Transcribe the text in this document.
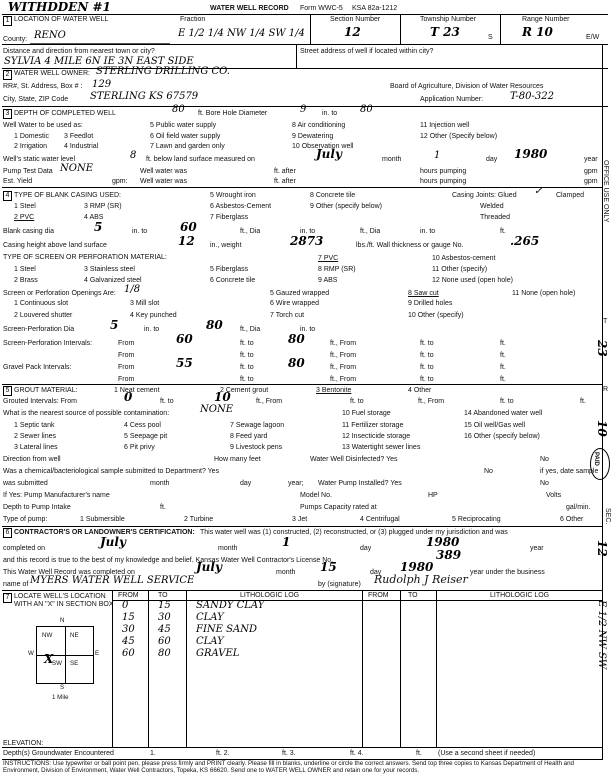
WITHDDEN #1	WATER WELL RECORD Form WWC-5 KSA 82a-1212
1 LOCATION OF WATER WELL	Fraction	Section Number	Township Number	Range Number
County: RENO	E 1/2 1/4 NW 1/4 SW 1/4	12	T 23	S R 10	E/W
Distance and direction from nearest town or city?	Street address of well if located within city?
SYLVIA 4 MILE 6N IE 3N EAST SIDE
2 WATER WELL OWNER: STERLING DRILLING CO.
RR#, St. Address, Box # : 129	Board of Agriculture, Division of Water Resources
City, State, ZIP Code STERLING KS 67579	Application Number:	T-80-322
3 DEPTH OF COMPLETED WELL	80 ft. Bore Hole Diameter	9 in. to 80
Well Water to be used as:
1 Domestic
2 Irrigation
3 Feedlot
4 Industrial
5 Public water supply
6 Oil field water supply
7 Lawn and garden only
8 Air conditioning
9 Dewatering
10 Observation well
11 Injection well
12 Other (Specify below)
Well's static water level	8 ft. below land surface measured on	July	month	1	day 1980	year
Pump Test Data NONE	Well water was	ft. after	hours pumping	gpm
Est. Yield	gpm: Well water was	ft. after	hours pumping	gpm
4 TYPE OF BLANK CASING USED:
1 Steel
2 PVC
3 RMP (SR)
4 ABS
5 Wrought iron
6 Asbestos-Cement
7 Fiberglass
8 Concrete tile
9 Other (specify below)
Casing Joints: Glued ✓ Clamped
Welded
Threaded
Blank casing dia	5	in. to	60	ft., Dia	in. to	ft., Dia	in. to	ft.
Casing height above land surface	12 in., weight	2873	lbs./ft. Wall thickness or gauge No.	.265
TYPE OF SCREEN OR PERFORATION MATERIAL:
1 Steel
2 Brass
3 Stainless steel
4 Galvanized steel
5 Fiberglass
6 Concrete tile
7 PVC
8 RMP (SR)
9 ABS
10 Asbestos-cement
11 Other (specify)
12 None used (open hole)
Screen or Perforation Openings Are: 1/8
1 Continuous slot
2 Louvered shutter
3 Mill slot
4 Key punched
5 Gauzed wrapped
6 Wire wrapped
7 Torch cut
8 Saw cut
9 Drilled holes
10 Other (specify)
11 None (open hole)
Screen-Perforation Dia	5	in. to	80 ft., Dia	in. to
Screen-Perforation Intervals:	From	60	ft. to	80	ft., From	ft. to	ft.
From	ft. to	ft., From	ft. to	ft.
Gravel Pack Intervals:	From	55	ft. to	80	ft., From	ft. to	ft.
From	ft. to	ft., From	ft. to	ft.
5 GROUT MATERIAL:	1 Neat cement	2 Cement grout	3 Bentonite	4 Other
Grouted Intervals: From	0	ft. to	10	ft., From	ft. to	ft., From	ft. to	ft.
What is the nearest source of possible contamination:	NONE
1 Septic tank
2 Sewer lines
3 Lateral lines
4 Cess pool
5 Seepage pit
6 Pit privy
7 Sewage lagoon
8 Feed yard
9 Livestock pens
10 Fuel storage
11 Fertilizer storage
12 Insecticide storage
13 Watertight sewer lines
14 Abandoned water well
15 Oil well/Gas well
16 Other (specify below)
Direction from well	How many feet	Water Well Disinfected? Yes	No
Was a chemical/bacteriological sample submitted to Department? Yes	No	if yes, date sample
was submitted	month	day	year; Water Pump Installed? Yes	No
If Yes: Pump Manufacturer's name	Model No.	HP	Volts
Depth to Pump Intake	ft.	Pumps Capacity rated at	gal/min.
Type of pump:	1 Submersible	2 Turbine	3 Jet	4 Centrifugal	5 Reciprocating	6 Other
6 CONTRACTOR'S OR LANDOWNER'S CERTIFICATION: This water well was (1) constructed, (2) reconstructed, or (3) plugged under my jurisdiction and was
completed on	July	month	1	day	1980	year
and this record is true to the best of my knowledge and belief. Kansas Water Well Contractor's License No.	389
This Water Well Record was completed on	July	month 15	day 1980	year under the business
name of MYERS WATER WELL SERVICE	by (signature) Rudolph J Reiser
7 LOCATE WELL'S LOCATION WITH AN "X" IN SECTION BOX
FROM	TO	LITHOLOGIC LOG	FROM	TO	LITHOLOGIC LOG
0	15	SANDY CLAY
15 30	CLAY
30 45	FINE SAND
45 60	CLAY
60 80	GRAVEL
N
S
W	E
NW	NE
SW SE
X
1 Mile
ELEVATION:
Depth(s) Groundwater Encountered	1.	ft. 2.	ft. 3.	ft. 4.	ft. (Use a second sheet if needed)
INSTRUCTIONS: Use typewriter or ball point pen, please press firmly and PRINT clearly. Please fill in blanks, underline or circle the correct answers. Send top three copies to Kansas Department of Health and Environment, Division of Environment, Water Well Contractors, Topeka, KS 66620. Send one to WATER WELL OWNER and retain one for your records.
OFFICE USE ONLY
T
23
R
10
PAID
SEC.
12
E 1/2 NW SW
